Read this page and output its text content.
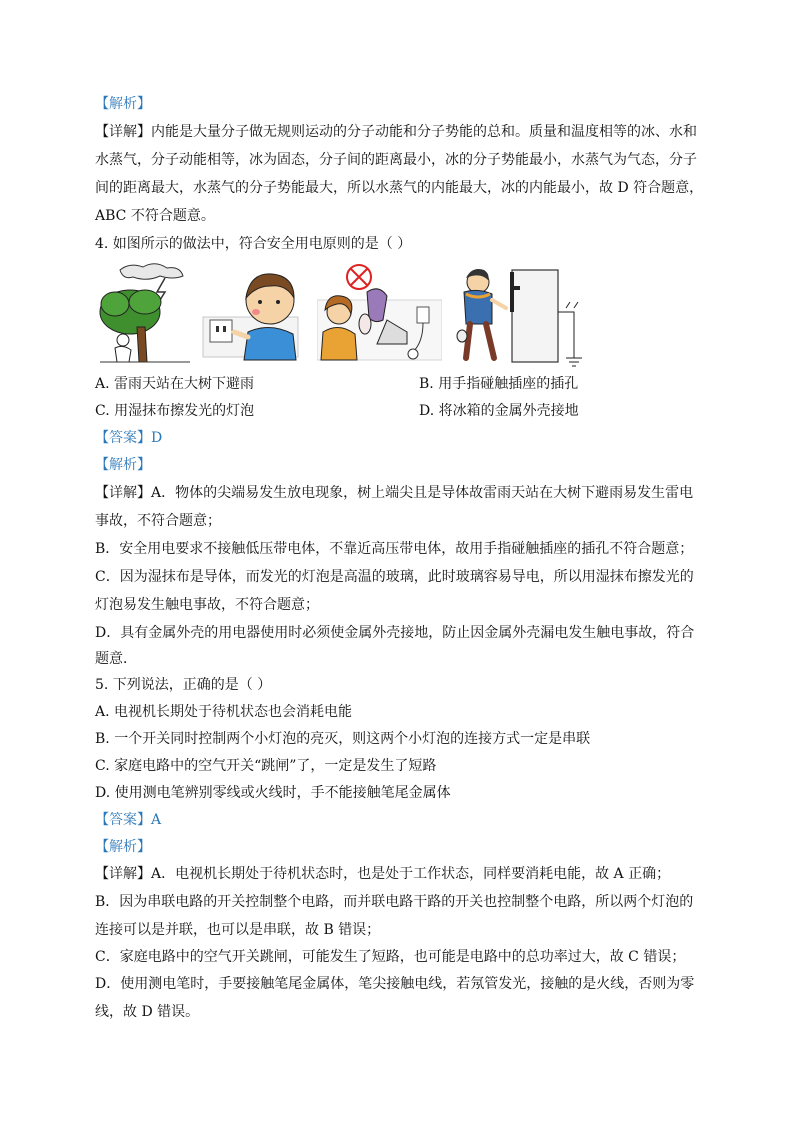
【解析】
【详解】内能是大量分子做无规则运动的分子动能和分子势能的总和。质量和温度相等的冰、水和
水蒸气，分子动能相等，冰为固态，分子间的距离最小，冰的分子势能最小，水蒸气为气态，分子
间的距离最大，水蒸气的分子势能最大，所以水蒸气的内能最大，冰的内能最小，故 D 符合题意，
ABC 不符合题意。
4. 如图所示的做法中，符合安全用电原则的是（ ）
A. 雷雨天站在大树下避雨	B. 用手指碰触插座的插孔
C. 用湿抹布擦发光的灯泡	D. 将冰箱的金属外壳接地
【答案】D
【解析】
【详解】A．物体的尖端易发生放电现象，树上端尖且是导体故雷雨天站在大树下避雨易发生雷电
事故，不符合题意；
B．安全用电要求不接触低压带电体，不靠近高压带电体，故用手指碰触插座的插孔不符合题意；
C．因为湿抹布是导体，而发光的灯泡是高温的玻璃，此时玻璃容易导电，所以用湿抹布擦发光的
灯泡易发生触电事故，不符合题意；
D．具有金属外壳的用电器使用时必须使金属外壳接地，防止因金属外壳漏电发生触电事故，符合
题意．
5. 下列说法，正确的是（ ）
A. 电视机长期处于待机状态也会消耗电能
B. 一个开关同时控制两个小灯泡的亮灭，则这两个小灯泡的连接方式一定是串联
C. 家庭电路中的空气开关“跳闸”了，一定是发生了短路
D. 使用测电笔辨别零线或火线时，手不能接触笔尾金属体
【答案】A
【解析】
【详解】A．电视机长期处于待机状态时，也是处于工作状态，同样要消耗电能，故 A 正确；
B．因为串联电路的开关控制整个电路，而并联电路干路的开关也控制整个电路，所以两个灯泡的
连接可以是并联，也可以是串联，故 B 错误；
C．家庭电路中的空气开关跳闸，可能发生了短路，也可能是电路中的总功率过大，故 C 错误；
D．使用测电笔时，手要接触笔尾金属体，笔尖接触电线，若氖管发光，接触的是火线，否则为零
线，故 D 错误。
